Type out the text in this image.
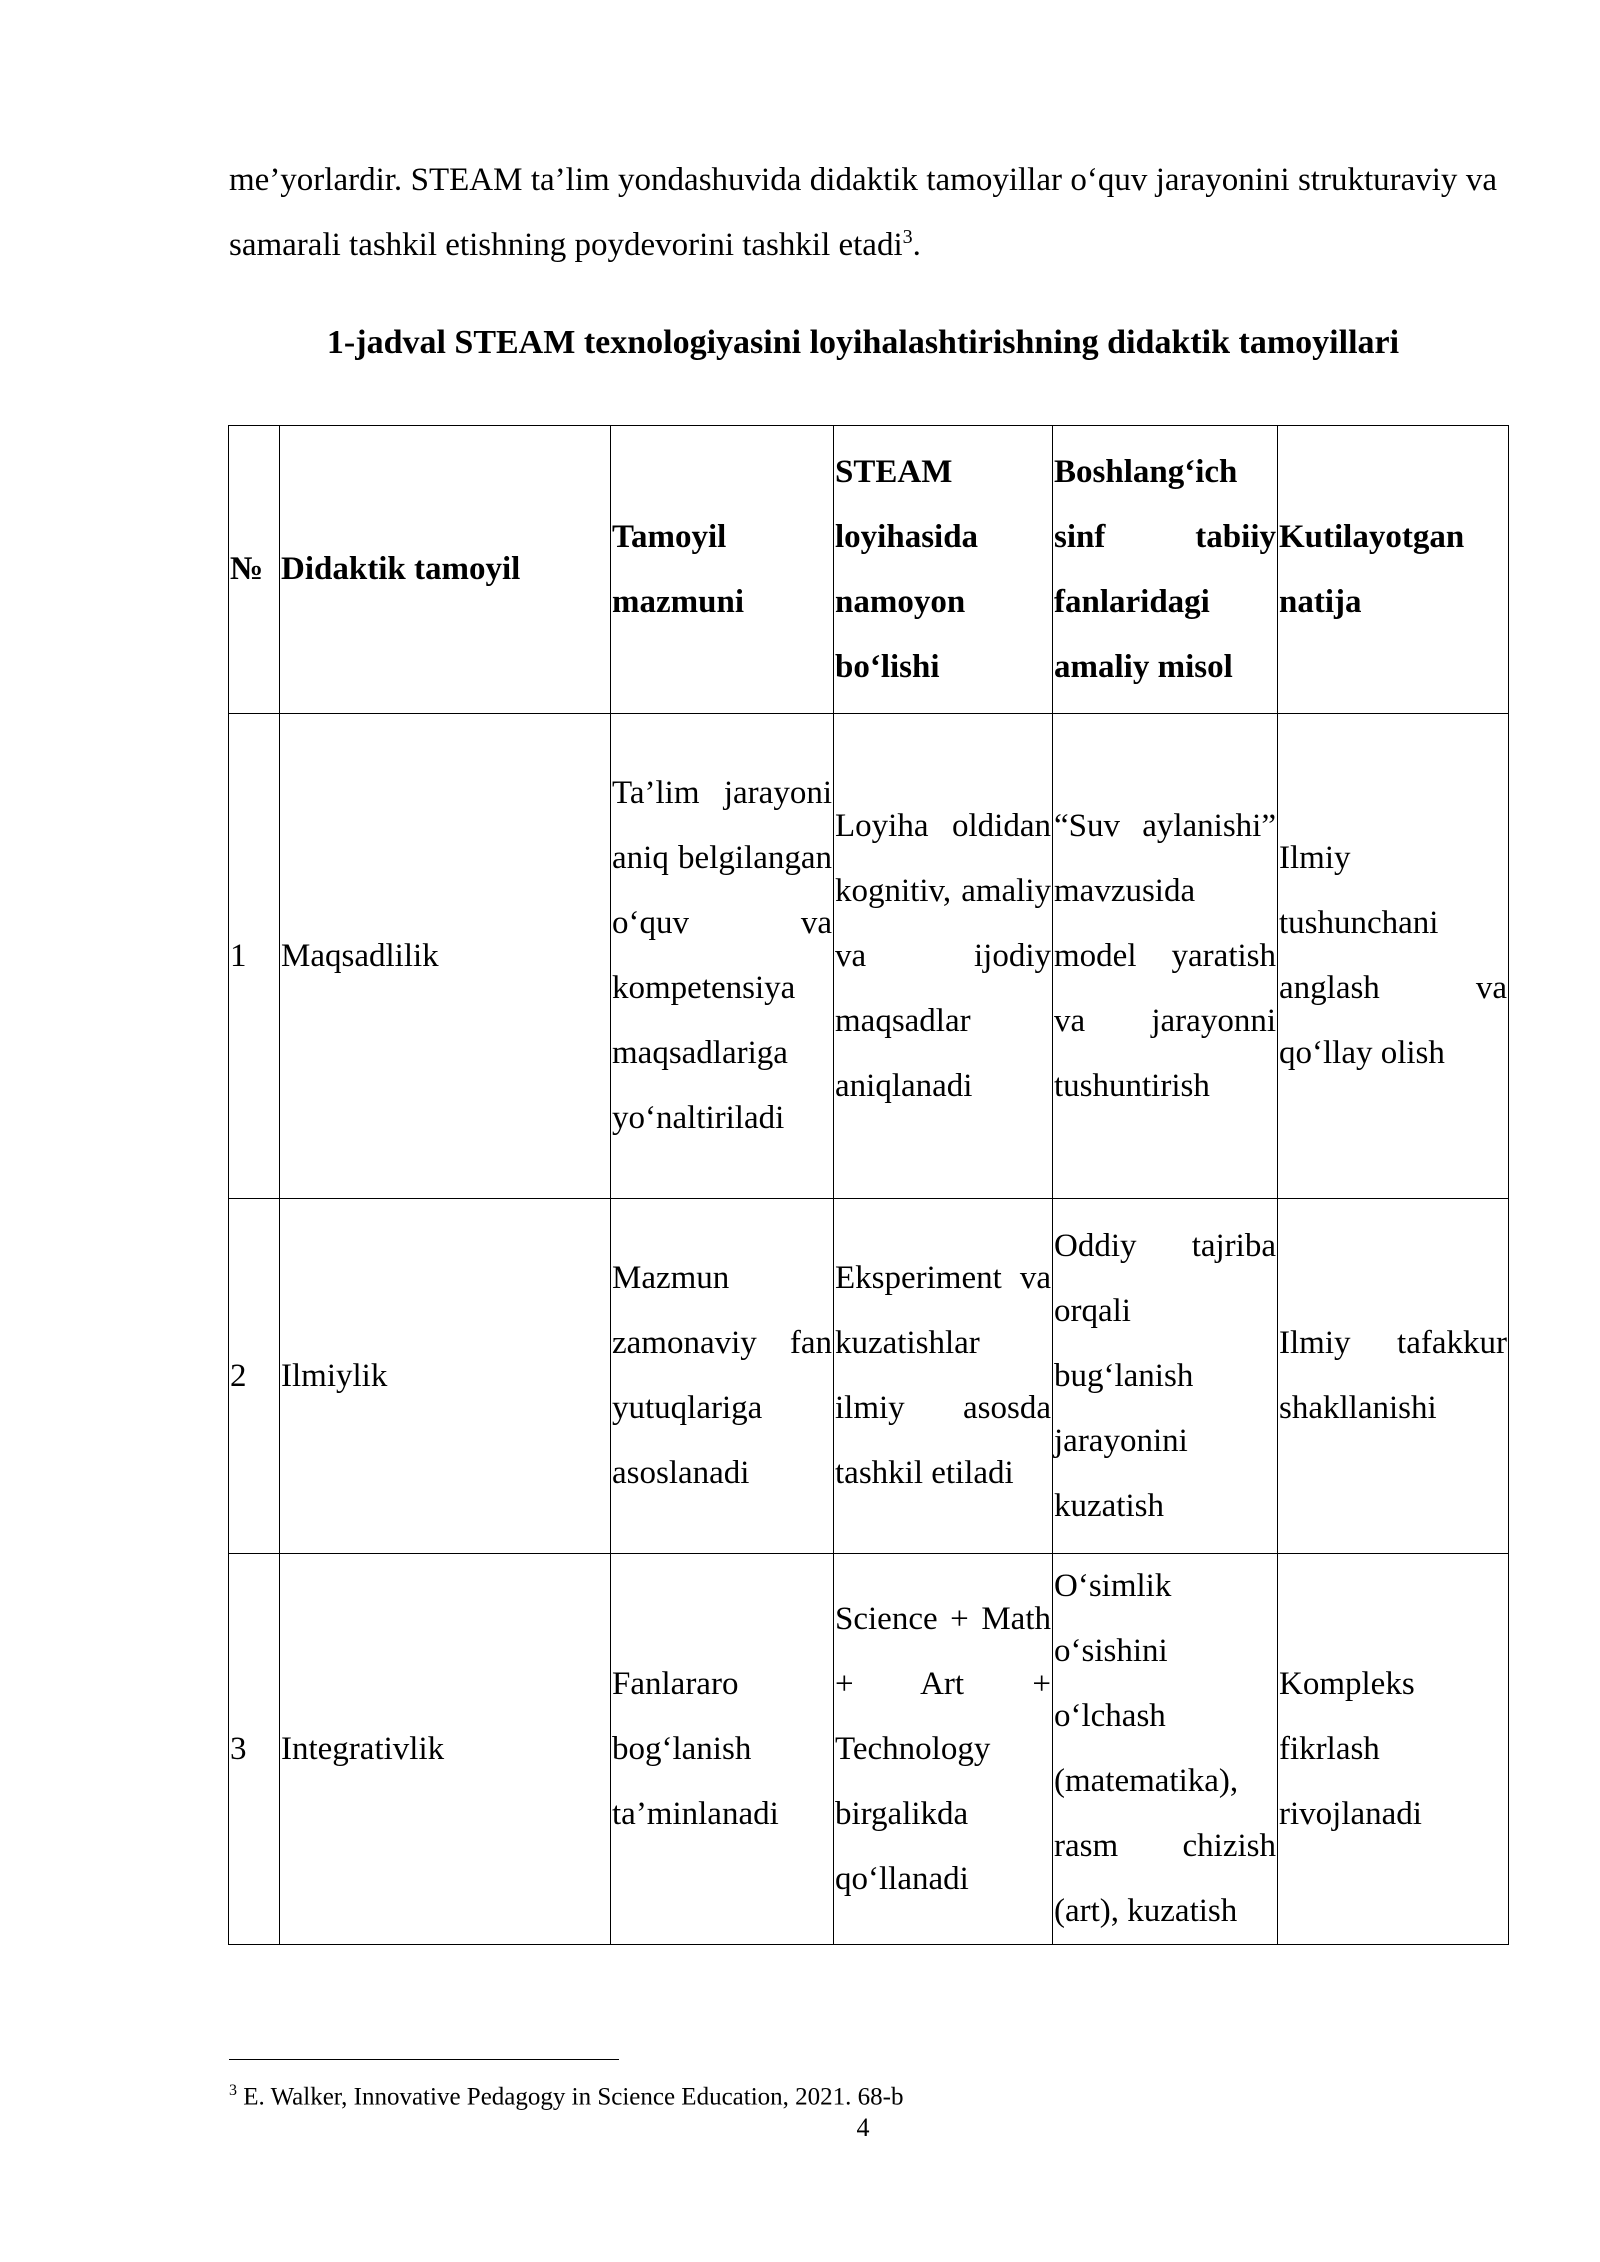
me’yorlardir. STEAM ta’lim yondashuvida didaktik tamoyillar o‘quv jarayonini strukturaviy va samarali tashkil etishning poydevorini tashkil etadi$^3$.
1-jadval STEAM texnologiyasini loyihalashtirishning didaktik tamoyillari
№	Didaktik tamoyil	Tamoyil mazmuni	STEAM loyihasida namoyon bo‘lishi	Boshlang‘ich sinf tabiiy fanlaridagi amaliy misol	Kutilayotgan natija
1	Maqsadlilik	Ta’lim jarayoni aniq belgilangan o‘quv va kompetensiya maqsadlariga yo‘naltiriladi	Loyiha oldidan kognitiv, amaliy va ijodiy maqsadlar aniqlanadi	“Suv aylanishi” mavzusida model yaratish va jarayonni tushuntirish	Ilmiy tushunchani anglash va qo‘llay olish
2	Ilmiylik	Mazmun zamonaviy fan yutuqlariga asoslanadi	Eksperiment va kuzatishlar ilmiy asosda tashkil etiladi	Oddiy tajriba orqali bug‘lanish jarayonini kuzatish	Ilmiy tafakkur shakllanishi
3	Integrativlik	Fanlararo bog‘lanish ta’minlanadi	Science + Math + Art + Technology birgalikda qo‘llanadi	O‘simlik o‘sishini o‘lchash (matematika), rasm chizish (art), kuzatish	Kompleks fikrlash rivojlanadi
$^3$ E. Walker, Innovative Pedagogy in Science Education, 2021. 68-b
4
